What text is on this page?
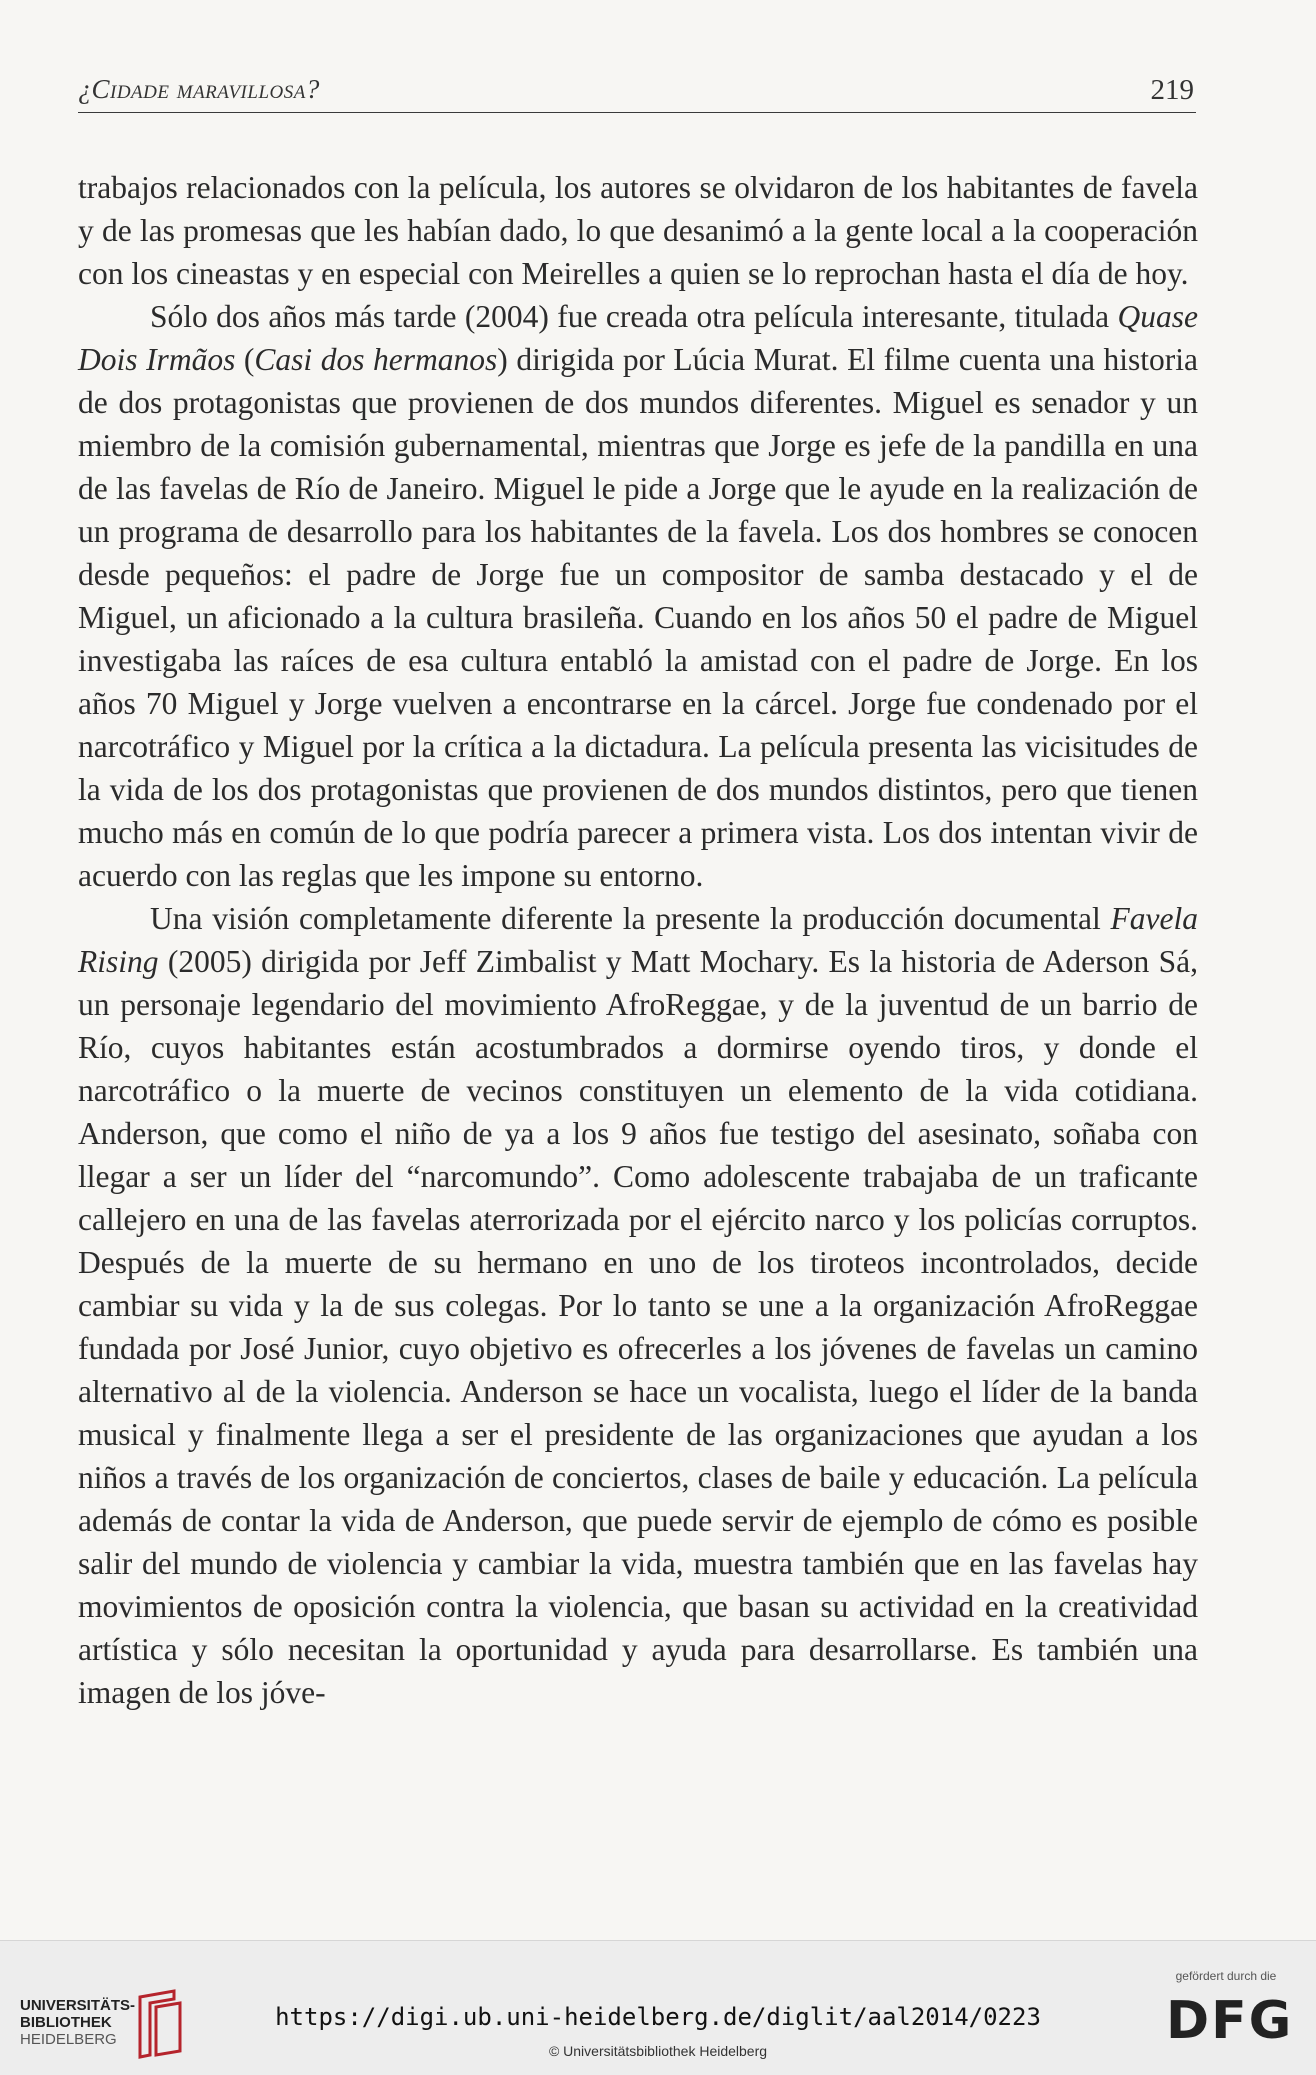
¿Cidade maravillosa?	219

trabajos relacionados con la película, los autores se olvidaron de los habitantes de favela y de las promesas que les habían dado, lo que desanimó a la gente local a la cooperación con los cineastas y en especial con Meirelles a quien se lo reprochan hasta el día de hoy.

Sólo dos años más tarde (2004) fue creada otra película interesante, titulada Quase Dois Irmãos (Casi dos hermanos) dirigida por Lúcia Murat. El filme cuenta una historia de dos protagonistas que provienen de dos mundos diferentes. Miguel es senador y un miembro de la comisión gubernamental, mientras que Jorge es jefe de la pandilla en una de las favelas de Río de Janeiro. Miguel le pide a Jorge que le ayude en la realización de un programa de desarrollo para los habitantes de la favela. Los dos hombres se conocen desde pequeños: el padre de Jorge fue un compositor de samba destacado y el de Miguel, un aficionado a la cultura brasileña. Cuando en los años 50 el padre de Miguel investigaba las raíces de esa cultura entabló la amistad con el padre de Jorge. En los años 70 Miguel y Jorge vuelven a encontrarse en la cárcel. Jorge fue condenado por el narcotráfico y Miguel por la crítica a la dictadura. La película presenta las vicisitudes de la vida de los dos protagonistas que provienen de dos mundos distintos, pero que tienen mucho más en común de lo que podría parecer a primera vista. Los dos intentan vivir de acuerdo con las reglas que les impone su entorno.

Una visión completamente diferente la presente la producción documental Favela Rising (2005) dirigida por Jeff Zimbalist y Matt Mochary. Es la historia de Aderson Sá, un personaje legendario del movimiento AfroReggae, y de la juventud de un barrio de Río, cuyos habitantes están acostumbrados a dormirse oyendo tiros, y donde el narcotráfico o la muerte de vecinos constituyen un elemento de la vida cotidiana. Anderson, que como el niño de ya a los 9 años fue testigo del asesinato, soñaba con llegar a ser un líder del “narcomundo”. Como adolescente trabajaba de un traficante callejero en una de las favelas aterrorizada por el ejército narco y los policías corruptos. Después de la muerte de su hermano en uno de los tiroteos incontrolados, decide cambiar su vida y la de sus colegas. Por lo tanto se une a la organización AfroReggae fundada por José Junior, cuyo objetivo es ofrecerles a los jóvenes de favelas un camino alternativo al de la violencia. Anderson se hace un vocalista, luego el líder de la banda musical y finalmente llega a ser el presidente de las organizaciones que ayudan a los niños a través de los organización de conciertos, clases de baile y educación. La película además de contar la vida de Anderson, que puede servir de ejemplo de cómo es posible salir del mundo de violencia y cambiar la vida, muestra también que en las favelas hay movimientos de oposición contra la violencia, que basan su actividad en la creatividad artística y sólo necesitan la oportunidad y ayuda para desarrollarse. Es también una imagen de los jóve-

UNIVERSITÄTS-
BIBLIOTHEK
HEIDELBERG
https://digi.ub.uni-heidelberg.de/diglit/aal2014/0223
© Universitätsbibliothek Heidelberg
gefördert durch die
DFG
